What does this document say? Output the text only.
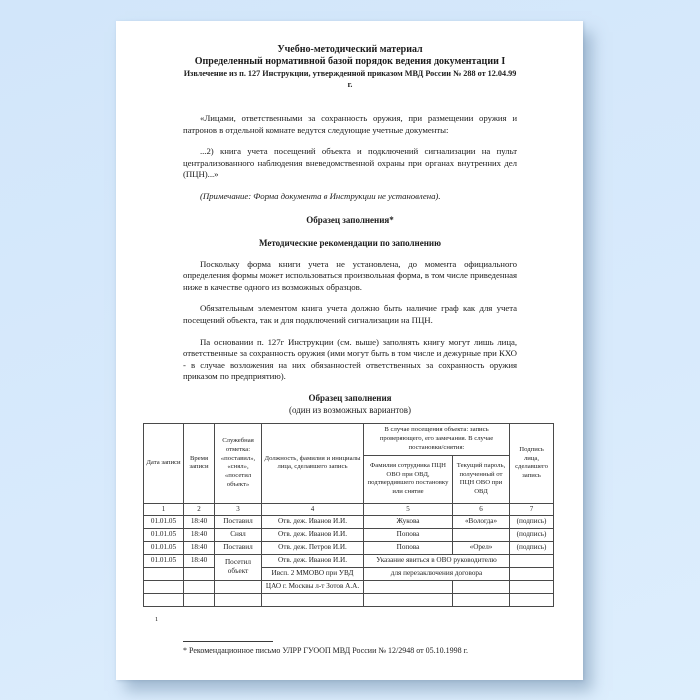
Учебно-методический материал
Определенный нормативной базой порядок ведения документации I
Извлечение из п. 127 Инструкции, утвержденной приказом МВД России № 288 от 12.04.99 г.

«Лицами, ответственными за сохранность оружия, при размещении оружия и патронов в отдельной комнате ведутся следующие учетные документы:

...2) книга учета посещений объекта и подключений сигнализации на пульт централизованного наблюдения вневедомственной охраны при органах внутренних дел (ПЦН)...»

(Примечание: Форма документа в Инструкции не установлена).

Образец заполнения*

Методические рекомендации по заполнению

Поскольку форма книги учета не установлена, до момента официального определения формы может использоваться произвольная форма, в том числе приведенная ниже в качестве одного из возможных образцов.

Обязательным элементом книга учета должно быть наличие граф как для учета посещений объекта, так и для подключений сигнализации на ПЦН.

Па основании п. 127г Инструкции (см. выше) заполнять книгу могут лишь лица, ответственные за сохранность оружия (ими могут быть в том числе и дежурные при КХО - в случае возложения на них обязанностей ответственных за сохранность оружия приказом по предприятию).

Образец заполнения

(один из возможных вариантов)

Дата записи	Время записи	Служебная отметка: «поставил», «снял», «посетил объект»	Должность, фамилия и инициалы лица, сделавшего запись	В случае посещения объекта: запись проверяющего, его замечания. В случае постановки/снятия:		Подпись лица, сделавшего запись
				Фамилия сотрудника ПЦН ОВО при ОВД, подтвердившего постановку или снятие	Текущий пароль, полученный от ПЦН ОВО при ОВД	
1	2	3	4	5	6	7
01.01.05	18:40	Поставил	Отв. деж. Иванов И.И.	Жукова	«Вологда»	(подпись)
01.01.05	18:40	Снял	Отв. деж. Иванов И.И.	Попова		(подпись)
01.01.05	18:40	Поставил	Отв. деж. Петров И.И.	Попова	«Орел»	(подпись)
01.01.05	18:40	Посетил объект	Отв. деж. Иванов И.И.	Указание явиться в ОВО руководителю		
			Ивсп. 2 ММОВО при УВД	для перезаключения договора		
			ЦАО г. Москвы л-т Зотов А.А.			

1
* Рекомендационное письмо УЛРР ГУООП МВД России № 12/2948 от 05.10.1998 г.
